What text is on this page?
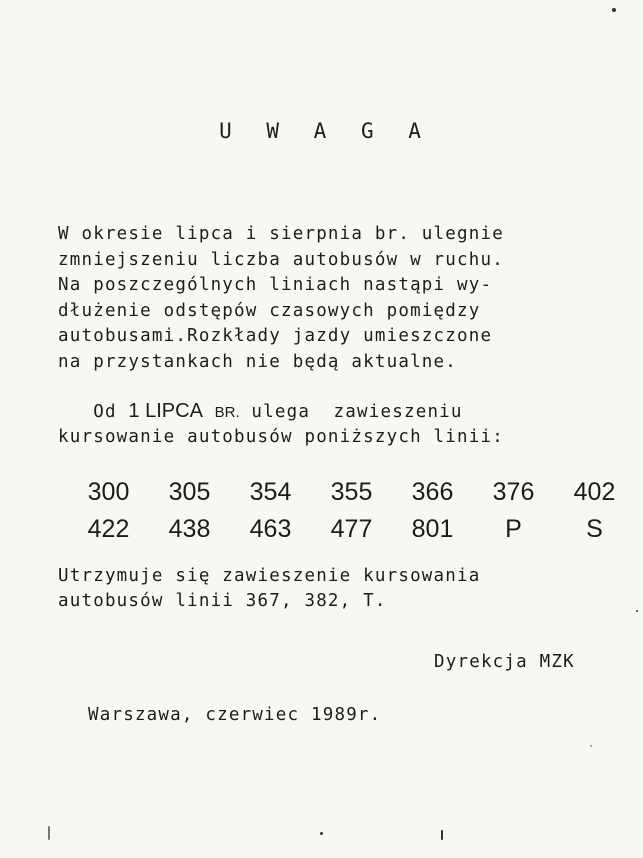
U W A G A
W okresie lipca i sierpnia br. ulegnie
zmniejszeniu liczba autobusów w ruchu.
Na poszczególnych liniach nastąpi wy-
dłużenie odstępów czasowych pomiędzy
autobusami.Rozkłady jazdy umieszczone
na przystankach nie będą aktualne.
Od 1 LIPCA BR. ulega  zawieszeniu
kursowanie autobusów poniższych linii:
300	305	354	355	366	376	402
422	438	463	477	801	P	S
Utrzymuje się zawieszenie kursowania
autobusów linii 367, 382, T.
Dyrekcja MZK
Warszawa, czerwiec 1989r.
